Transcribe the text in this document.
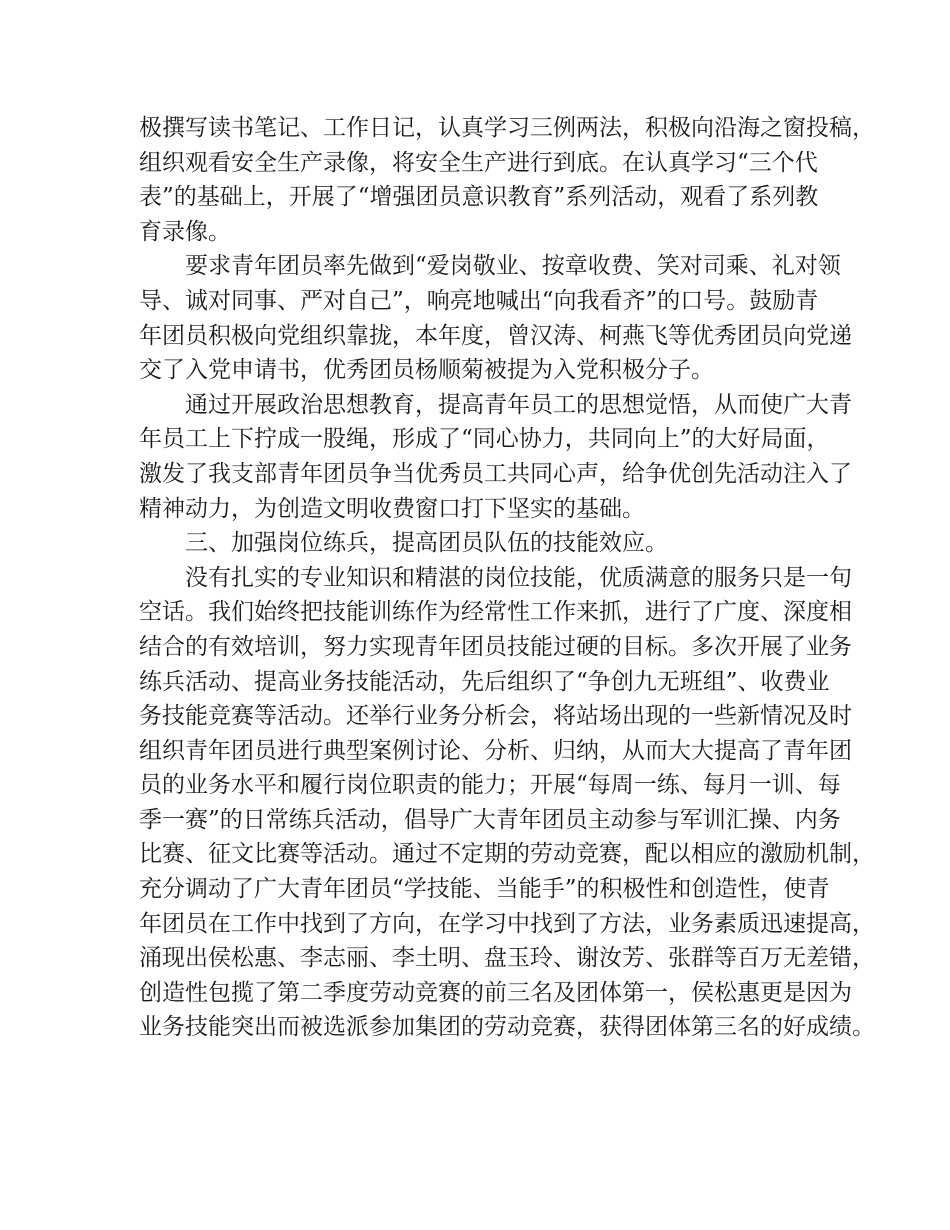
极撰写读书笔记、工作日记，认真学习三例两法，积极向沿海之窗投稿，
组织观看安全生产录像，将安全生产进行到底。在认真学习“三个代
表”的基础上，开展了“增强团员意识教育”系列活动，观看了系列教
育录像。
要求青年团员率先做到“爱岗敬业、按章收费、笑对司乘、礼对领
导、诚对同事、严对自己”，响亮地喊出“向我看齐”的口号。鼓励青
年团员积极向党组织靠拢，本年度，曾汉涛、柯燕飞等优秀团员向党递
交了入党申请书，优秀团员杨顺菊被提为入党积极分子。
通过开展政治思想教育，提高青年员工的思想觉悟，从而使广大青
年员工上下拧成一股绳，形成了“同心协力，共同向上”的大好局面，
激发了我支部青年团员争当优秀员工共同心声，给争优创先活动注入了
精神动力，为创造文明收费窗口打下坚实的基础。
三、加强岗位练兵，提高团员队伍的技能效应。
没有扎实的专业知识和精湛的岗位技能，优质满意的服务只是一句
空话。我们始终把技能训练作为经常性工作来抓，进行了广度、深度相
结合的有效培训，努力实现青年团员技能过硬的目标。多次开展了业务
练兵活动、提高业务技能活动，先后组织了“争创九无班组”、收费业
务技能竞赛等活动。还举行业务分析会，将站场出现的一些新情况及时
组织青年团员进行典型案例讨论、分析、归纳，从而大大提高了青年团
员的业务水平和履行岗位职责的能力；开展“每周一练、每月一训、每
季一赛”的日常练兵活动，倡导广大青年团员主动参与军训汇操、内务
比赛、征文比赛等活动。通过不定期的劳动竞赛，配以相应的激励机制，
充分调动了广大青年团员“学技能、当能手”的积极性和创造性，使青
年团员在工作中找到了方向，在学习中找到了方法，业务素质迅速提高，
涌现出侯松惠、李志丽、李土明、盘玉玲、谢汝芳、张群等百万无差错，
创造性包揽了第二季度劳动竞赛的前三名及团体第一，侯松惠更是因为
业务技能突出而被选派参加集团的劳动竞赛，获得团体第三名的好成绩。
